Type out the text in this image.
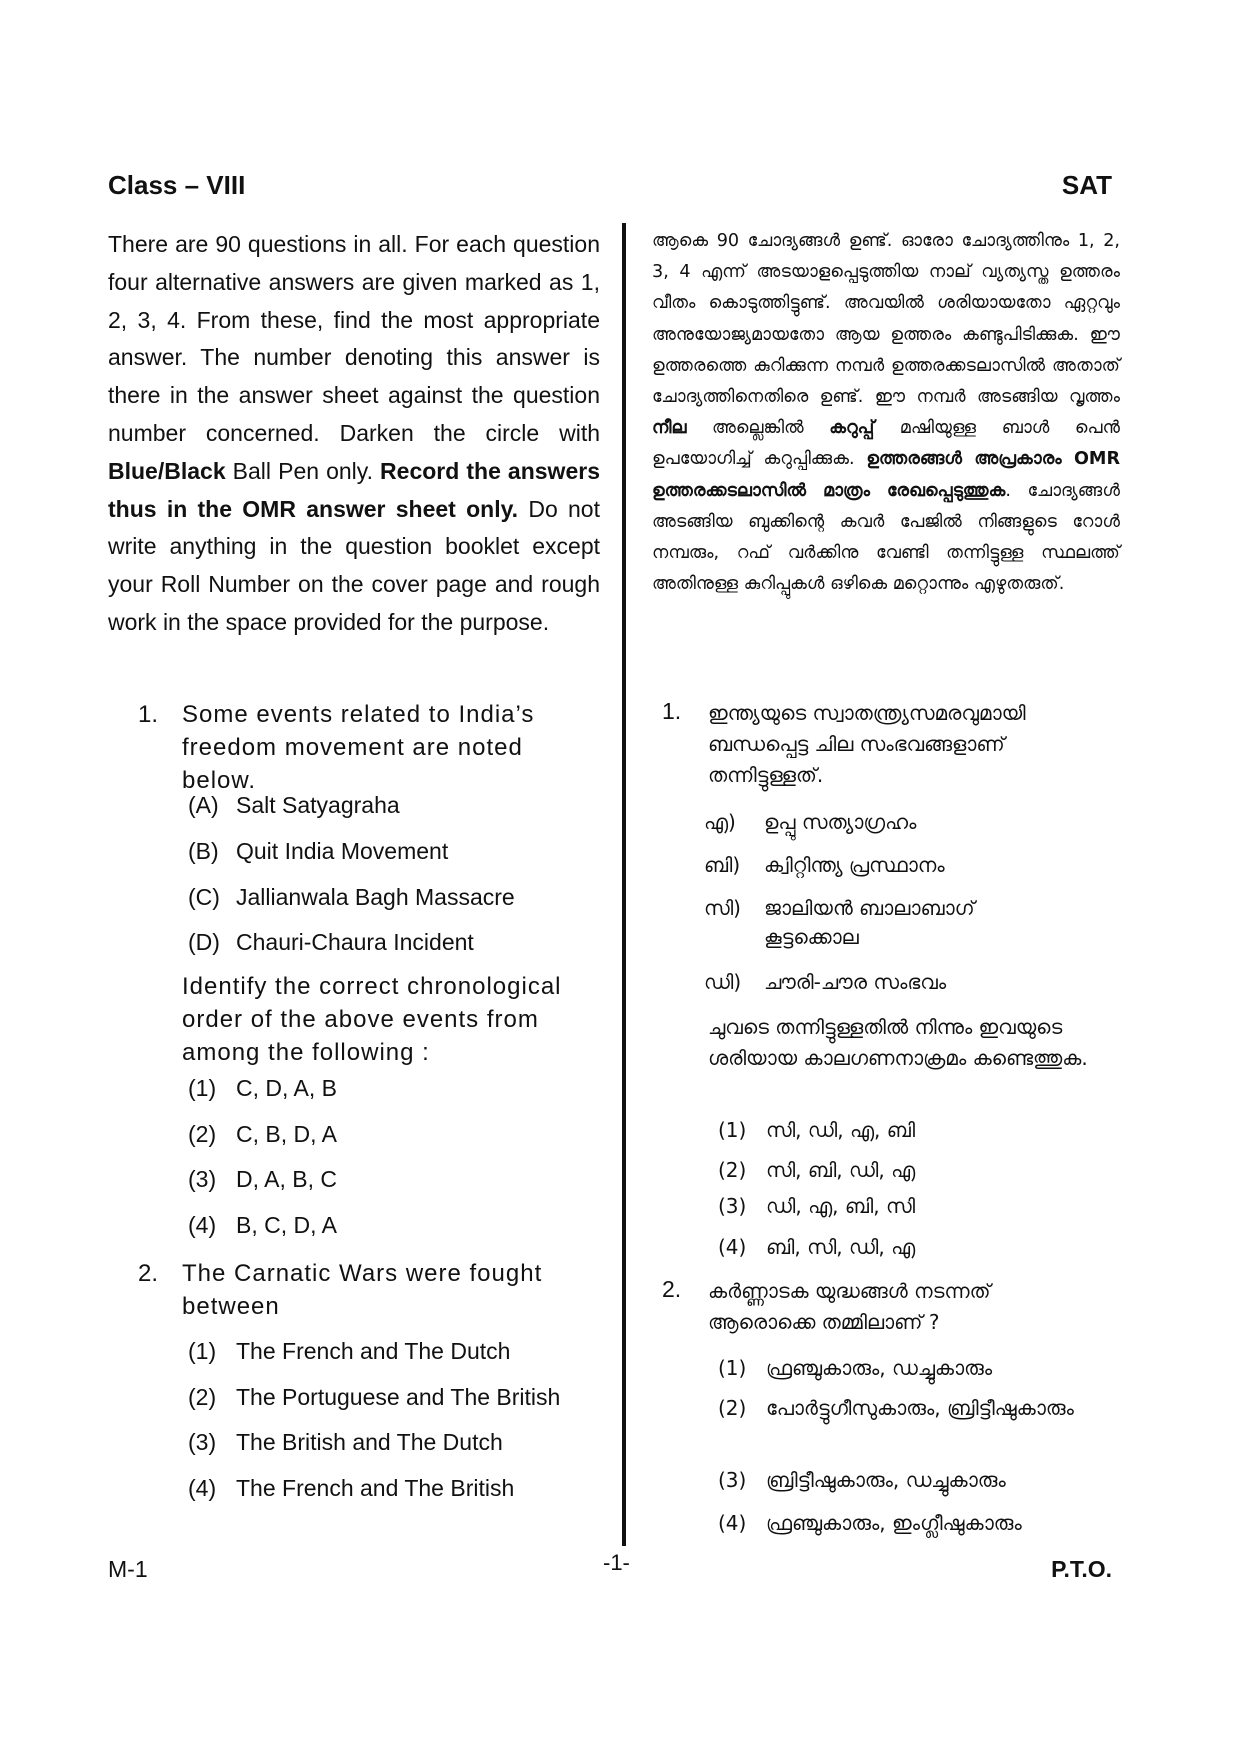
Class – VIII	SAT

There are 90 questions in all. For each question four alternative answers are given marked as 1, 2, 3, 4. From these, find the most appropriate answer. The number denoting this answer is there in the answer sheet against the question number concerned. Darken the circle with Blue/Black Ball Pen only. Record the answers thus in the OMR answer sheet only. Do not write anything in the question booklet except your Roll Number on the cover page and rough work in the space provided for the purpose.

1. Some events related to India’s freedom movement are noted below.
(A) Salt Satyagraha
(B) Quit India Movement
(C) Jallianwala Bagh Massacre
(D) Chauri-Chaura Incident
Identify the correct chronological order of the above events from among the following :
(1) C, D, A, B
(2) C, B, D, A
(3) D, A, B, C
(4) B, C, D, A
2. The Carnatic Wars were fought between
(1) The French and The Dutch
(2) The Portuguese and The British
(3) The British and The Dutch
(4) The French and The British

ആകെ 90 ചോദ്യങ്ങൾ ഉണ്ട്. ഓരോ ചോദ്യത്തിനും 1, 2, 3, 4 എന്ന് അടയാളപ്പെടുത്തിയ നാല് വ്യത്യസ്ത ഉത്തരം വീതം കൊടുത്തിട്ടുണ്ട്. അവയിൽ ശരിയായതോ ഏറ്റവും അനുയോജ്യമായതോ ആയ ഉത്തരം കണ്ടുപിടിക്കുക. ഈ ഉത്തരത്തെ കുറിക്കുന്ന നമ്പർ ഉത്തരക്കടലാസിൽ അതാത് ചോദ്യത്തിനെതിരെ ഉണ്ട്. ഈ നമ്പർ അടങ്ങിയ വൃത്തം നീല അല്ലെങ്കിൽ കറുപ്പ് മഷിയുള്ള ബാൾ പെൻ ഉപയോഗിച്ച് കറുപ്പിക്കുക. ഉത്തരങ്ങൾ അപ്രകാരം OMR ഉത്തരക്കടലാസിൽ മാത്രം രേഖപ്പെടുത്തുക. ചോദ്യങ്ങൾ അടങ്ങിയ ബുക്കിന്റെ കവർ പേജിൽ നിങ്ങളുടെ റോൾ നമ്പരും, റഫ് വർക്കിനു വേണ്ടി തന്നിട്ടുള്ള സ്ഥലത്ത് അതിനുള്ള കുറിപ്പുകൾ ഒഴികെ മറ്റൊന്നും എഴുതരുത്.

1. ഇന്ത്യയുടെ സ്വാതന്ത്ര്യസമരവുമായി ബന്ധപ്പെട്ട ചില സംഭവങ്ങളാണ് തന്നിട്ടുള്ളത്.
എ) ഉപ്പു സത്യാഗ്രഹം
ബി) ക്വിറ്റിന്ത്യ പ്രസ്ഥാനം
സി)	ജാലിയൻ ബാലാബാഗ് കൂട്ടക്കൊല
ഡി) ചൗരി-ചൗര സംഭവം
ചുവടെ തന്നിട്ടുള്ളതിൽ നിന്നും ഇവയുടെ ശരിയായ കാലഗണനാക്രമം കണ്ടെത്തുക.
(1) സി, ഡി, എ, ബി
(2) സി, ബി, ഡി, എ
(3) ഡി, എ, ബി, സി
(4) ബി, സി, ഡി, എ
2. കർണ്ണാടക യുദ്ധങ്ങൾ നടന്നത് ആരൊക്കെ തമ്മിലാണ് ?
(1) ഫ്രഞ്ചുകാരും, ഡച്ചുകാരും
(2) പോർട്ടുഗീസുകാരും, ബ്രിട്ടീഷുകാരും
(3) ബ്രിട്ടീഷുകാരും, ഡച്ചുകാരും
(4) ഫ്രഞ്ചുകാരും, ഇംഗ്ലീഷുകാരും
M-1	-1-	P.T.O.
